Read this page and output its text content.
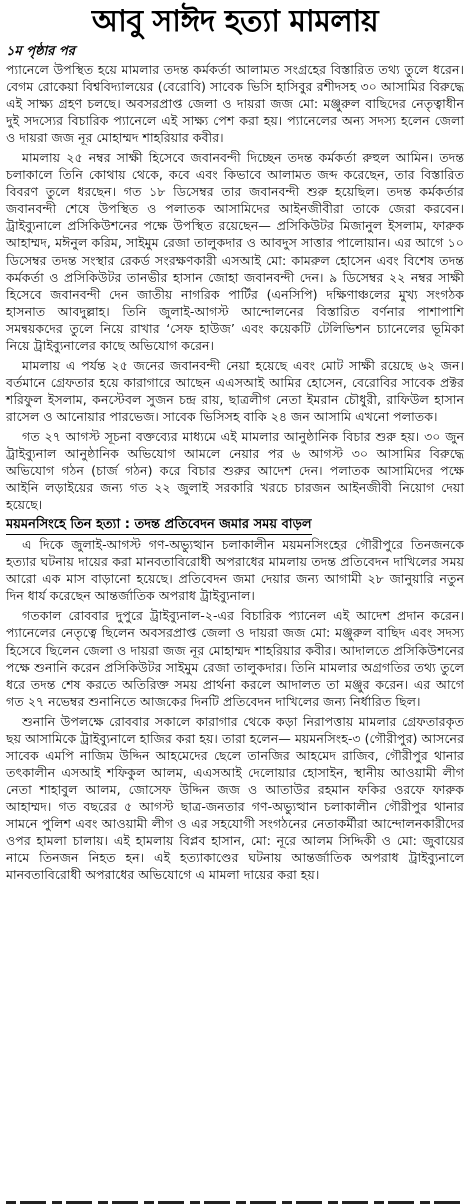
আবু সাঈদ হত্যা মামলায়
১ম পৃষ্ঠার পর

প্যানেলে উপস্থিত হয়ে মামলার তদন্ত কর্মকর্তা আলামত সংগ্রহের বিস্তারিত তথ্য তুলে ধরেন। বেগম রোকেয়া বিশ্ববিদ্যালয়ের (বেরোবি) সাবেক ভিসি হাসিবুর রশীদসহ ৩০ আসামির বিরুদ্ধে এই সাক্ষ্য গ্রহণ চলছে। অবসরপ্রাপ্ত জেলা ও দায়রা জজ মো: মঞ্জুরুল বাছিদের নেতৃত্বাধীন দুই সদস্যের বিচারিক প্যানেলে এই সাক্ষ্য পেশ করা হয়। প্যানেলের অন্য সদস্য হলেন জেলা ও দায়রা জজ নূর মোহাম্মদ শাহরিয়ার কবীর।

মামলায় ২৫ নম্বর সাক্ষী হিসেবে জবানবন্দী দিচ্ছেন তদন্ত কর্মকর্তা রুহুল আমিন। তদন্ত চলাকালে তিনি কোথায় থেকে, কবে এবং কিভাবে আলামত জব্দ করেছেন, তার বিস্তারিত বিবরণ তুলে ধরছেন। গত ১৮ ডিসেম্বর তার জবানবন্দী শুরু হয়েছিল। তদন্ত কর্মকর্তার জবানবন্দী শেষে উপস্থিত ও পলাতক আসামিদের আইনজীবীরা তাকে জেরা করবেন। ট্রাইব্যুনালে প্রসিকিউশনের পক্ষে উপস্থিত রয়েছেন— প্রসিকিউটর মিজানুল ইসলাম, ফারুক আহাম্মদ, মঈনুল করিম, সাইমুম রেজা তালুকদার ও আবদুস সাত্তার পালোয়ান। এর আগে ১০ ডিসেম্বর তদন্ত সংস্থার রেকর্ড সংরক্ষণকারী এসআই মো: কামরুল হোসেন এবং বিশেষ তদন্ত কর্মকর্তা ও প্রসিকিউটর তানভীর হাসান জোহা জবানবন্দী দেন। ৯ ডিসেম্বর ২২ নম্বর সাক্ষী হিসেবে জবানবন্দী দেন জাতীয় নাগরিক পার্টির (এনসিপি) দক্ষিণাঞ্চলের মুখ্য সংগঠক হাসনাত আবদুল্লাহ। তিনি জুলাই-আগস্ট আন্দোলনের বিস্তারিত বর্ণনার পাশাপাশি সমন্বয়কদের তুলে নিয়ে রাখার ‘সেফ হাউজ’ এবং কয়েকটি টেলিভিশন চ্যানেলের ভূমিকা নিয়ে ট্রাইব্যুনালের কাছে অভিযোগ করেন।

মামলায় এ পর্যন্ত ২৫ জনের জবানবন্দী নেয়া হয়েছে এবং মোট সাক্ষী রয়েছে ৬২ জন। বর্তমানে গ্রেফতার হয়ে কারাগারে আছেন এএসআই আমির হোসেন, বেরোবির সাবেক প্রক্টর শরিফুল ইসলাম, কনস্টেবল সুজন চন্দ্র রায়, ছাত্রলীগ নেতা ইমরান চৌধুরী, রাফিউল হাসান রাসেল ও আনোয়ার পারভেজ। সাবেক ভিসিসহ বাকি ২৪ জন আসামি এখনো পলাতক।

গত ২৭ আগস্ট সূচনা বক্তব্যের মাধ্যমে এই মামলার আনুষ্ঠানিক বিচার শুরু হয়। ৩০ জুন ট্রাইব্যুনাল আনুষ্ঠানিক অভিযোগ আমলে নেয়ার পর ৬ আগস্ট ৩০ আসামির বিরুদ্ধে অভিযোগ গঠন (চার্জ গঠন) করে বিচার শুরুর আদেশ দেন। পলাতক আসামিদের পক্ষে আইনি লড়াইয়ের জন্য গত ২২ জুলাই সরকারি খরচে চারজন আইনজীবী নিয়োগ দেয়া হয়েছে।

ময়মনসিংহে তিন হত্যা : তদন্ত প্রতিবেদন জমার সময় বাড়ল

এ দিকে জুলাই-আগস্ট গণ-অভ্যুত্থান চলাকালীন ময়মনসিংহের গৌরীপুরে তিনজনকে হত্যার ঘটনায় দায়ের করা মানবতাবিরোধী অপরাধের মামলায় তদন্ত প্রতিবেদন দাখিলের সময় আরো এক মাস বাড়ানো হয়েছে। প্রতিবেদন জমা দেয়ার জন্য আগামী ২৮ জানুয়ারি নতুন দিন ধার্য করেছেন আন্তর্জাতিক অপরাধ ট্রাইব্যুনাল।

গতকাল রোববার দুপুরে ট্রাইব্যুনাল-২-এর বিচারিক প্যানেল এই আদেশ প্রদান করেন। প্যানেলের নেতৃত্বে ছিলেন অবসরপ্রাপ্ত জেলা ও দায়রা জজ মো: মঞ্জুরুল বাছিদ এবং সদস্য হিসেবে ছিলেন জেলা ও দায়রা জজ নূর মোহাম্মদ শাহরিয়ার কবীর। আদালতে প্রসিকিউশনের পক্ষে শুনানি করেন প্রসিকিউটর সাইমুম রেজা তালুকদার। তিনি মামলার অগ্রগতির তথ্য তুলে ধরে তদন্ত শেষ করতে অতিরিক্ত সময় প্রার্থনা করলে আদালত তা মঞ্জুর করেন। এর আগে গত ২৭ নভেম্বর শুনানিতে আজকের দিনটি প্রতিবেদন দাখিলের জন্য নির্ধারিত ছিল।

শুনানি উপলক্ষে রোববার সকালে কারাগার থেকে কড়া নিরাপত্তায় মামলার গ্রেফতারকৃত ছয় আসামিকে ট্রাইব্যুনালে হাজির করা হয়। তারা হলেন— ময়মনসিংহ-৩ (গৌরীপুর) আসনের সাবেক এমপি নাজিম উদ্দিন আহমেদের ছেলে তানজির আহমেদ রাজিব, গৌরীপুর থানার তৎকালীন এসআই শফিকুল আলম, এএসআই দেলোয়ার হোসাইন, স্থানীয় আওয়ামী লীগ নেতা শাহাবুল আলম, জোসেফ উদ্দিন জজ ও আতাউর রহমান ফকির ওরফে ফারুক আহাম্মদ। গত বছরের ৫ আগস্ট ছাত্র-জনতার গণ-অভ্যুত্থান চলাকালীন গৌরীপুর থানার সামনে পুলিশ এবং আওয়ামী লীগ ও এর সহযোগী সংগঠনের নেতাকর্মীরা আন্দোলনকারীদের ওপর হামলা চালায়। এই হামলায় বিপ্লব হাসান, মো: নূরে আলম সিদ্দিকী ও মো: জুবায়ের নামে তিনজন নিহত হন। এই হত্যাকাণ্ডের ঘটনায় আন্তর্জাতিক অপরাধ ট্রাইব্যুনালে মানবতাবিরোধী অপরাধের অভিযোগে এ মামলা দায়ের করা হয়।
